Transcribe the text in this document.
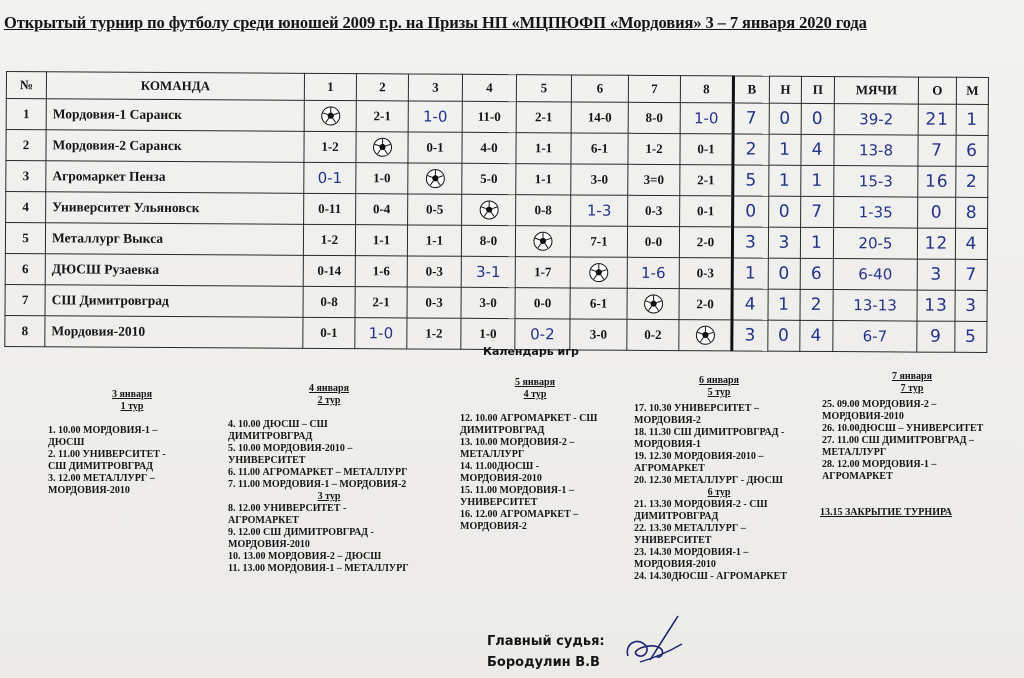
Открытый турнир по футболу среди юношей 2009 г.р. на Призы НП «МЦПЮФП «Мордовия» 3 – 7 января 2020 года
№	КОМАНДА	1	2	3	4	5	6	7	8	В	Н	П	МЯЧИ	О	М
1	Мордовия-1 Саранск		2-1	1-0	11-0	2-1	14-0	8-0	1-0	7	0	0	39-2	21	1
2	Мордовия-2 Саранск	1-2		0-1	4-0	1-1	6-1	1-2	0-1	2	1	4	13-8	7	6
3	Агромаркет Пенза	0-1	1-0		5-0	1-1	3-0	3=0	2-1	5	1	1	15-3	16	2
4	Университет Ульяновск	0-11	0-4	0-5		0-8	1-3	0-3	0-1	0	0	7	1-35	0	8
5	Металлург Выкса	1-2	1-1	1-1	8-0		7-1	0-0	2-0	3	3	1	20-5	12	4
6	ДЮСШ Рузаевка	0-14	1-6	0-3	3-1	1-7		1-6	0-3	1	0	6	6-40	3	7
7	СШ Димитровград	0-8	2-1	0-3	3-0	0-0	6-1		2-0	4	1	2	13-13	13	3
8	Мордовия-2010	0-1	1-0	1-2	1-0	0-2	3-0	0-2		3	0	4	6-7	9	5
Календарь игр
3 января
1 тур
1. 10.00 МОРДОВИЯ-1 –
ДЮСШ
2. 11.00 УНИВЕРСИТЕТ -
СШ ДИМИТРОВГРАД
3. 12.00 МЕТАЛЛУРГ –
МОРДОВИЯ-2010
4 января
2 тур
4. 10.00 ДЮСШ – СШ
ДИМИТРОВГРАД
5. 10.00 МОРДОВИЯ-2010 –
УНИВЕРСИТЕТ
6. 11.00 АГРОМАРКЕТ – МЕТАЛЛУРГ
7. 11.00 МОРДОВИЯ-1 – МОРДОВИЯ-2
3 тур
8. 12.00 УНИВЕРСИТЕТ -
АГРОМАРКЕТ
9. 12.00 СШ ДИМИТРОВГРАД -
МОРДОВИЯ-2010
10. 13.00 МОРДОВИЯ-2 – ДЮСШ
11. 13.00 МОРДОВИЯ-1 – МЕТАЛЛУРГ
5 января
4 тур
12. 10.00 АГРОМАРКЕТ - СШ
ДИМИТРОВГРАД
13. 10.00 МОРДОВИЯ-2 –
МЕТАЛЛУРГ
14. 11.00ДЮСШ -
МОРДОВИЯ-2010
15. 11.00 МОРДОВИЯ-1 –
УНИВЕРСИТЕТ
16. 12.00 АГРОМАРКЕТ –
МОРДОВИЯ-2
6 января
5 тур
17. 10.30 УНИВЕРСИТЕТ –
МОРДОВИЯ-2
18. 11.30 СШ ДИМИТРОВГРАД -
МОРДОВИЯ-1
19. 12.30 МОРДОВИЯ-2010 –
АГРОМАРКЕТ
20. 12.30 МЕТАЛЛУРГ - ДЮСШ
6 тур
21. 13.30 МОРДОВИЯ-2 - СШ
ДИМИТРОВГРАД
22. 13.30 МЕТАЛЛУРГ –
УНИВЕРСИТЕТ
23. 14.30 МОРДОВИЯ-1 –
МОРДОВИЯ-2010
24. 14.30ДЮСШ - АГРОМАРКЕТ
7 января
7 тур
25. 09.00 МОРДОВИЯ-2 –
МОРДОВИЯ-2010
26. 10.00ДЮСШ – УНИВЕРСИТЕТ
27. 11.00 СШ ДИМИТРОВГРАД –
МЕТАЛЛУРГ
28. 12.00 МОРДОВИЯ-1 –
АГРОМАРКЕТ
13.15 ЗАКРЫТИЕ ТУРНИРА
Главный судья:
Бородулин В.В
